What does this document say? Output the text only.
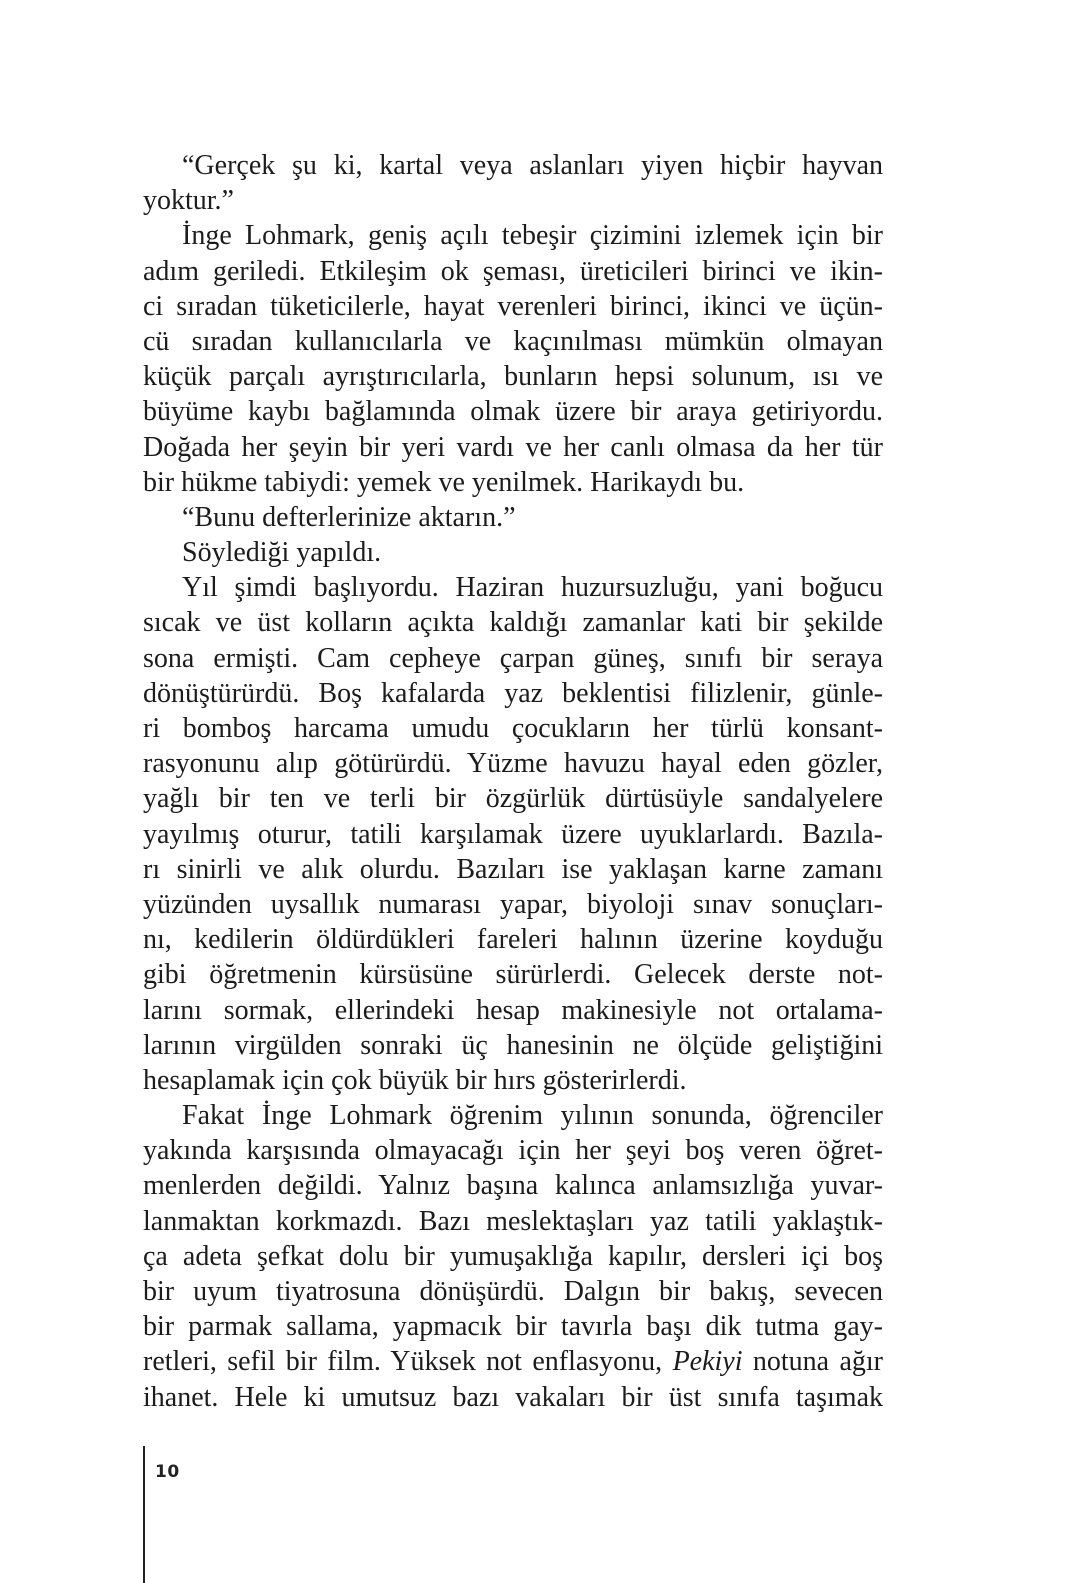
“Gerçek şu ki, kartal veya aslanları yiyen hiçbir hayvan
yoktur.”
İnge Lohmark, geniş açılı tebeşir çizimini izlemek için bir
adım geriledi. Etkileşim ok şeması, üreticileri birinci ve ikin-
ci sıradan tüketicilerle, hayat verenleri birinci, ikinci ve üçün-
cü sıradan kullanıcılarla ve kaçınılması mümkün olmayan
küçük parçalı ayrıştırıcılarla, bunların hepsi solunum, ısı ve
büyüme kaybı bağlamında olmak üzere bir araya getiriyordu.
Doğada her şeyin bir yeri vardı ve her canlı olmasa da her tür
bir hükme tabiydi: yemek ve yenilmek. Harikaydı bu.
“Bunu defterlerinize aktarın.”
Söylediği yapıldı.
Yıl şimdi başlıyordu. Haziran huzursuzluğu, yani boğucu
sıcak ve üst kolların açıkta kaldığı zamanlar kati bir şekilde
sona ermişti. Cam cepheye çarpan güneş, sınıfı bir seraya
dönüştürürdü. Boş kafalarda yaz beklentisi filizlenir, günle-
ri bomboş harcama umudu çocukların her türlü konsant-
rasyonunu alıp götürürdü. Yüzme havuzu hayal eden gözler,
yağlı bir ten ve terli bir özgürlük dürtüsüyle sandalyelere
yayılmış oturur, tatili karşılamak üzere uyuklarlardı. Bazıla-
rı sinirli ve alık olurdu. Bazıları ise yaklaşan karne zamanı
yüzünden uysallık numarası yapar, biyoloji sınav sonuçları-
nı, kedilerin öldürdükleri fareleri halının üzerine koyduğu
gibi öğretmenin kürsüsüne sürürlerdi. Gelecek derste not-
larını sormak, ellerindeki hesap makinesiyle not ortalama-
larının virgülden sonraki üç hanesinin ne ölçüde geliştiğini
hesaplamak için çok büyük bir hırs gösterirlerdi.
Fakat İnge Lohmark öğrenim yılının sonunda, öğrenciler
yakında karşısında olmayacağı için her şeyi boş veren öğret-
menlerden değildi. Yalnız başına kalınca anlamsızlığa yuvar-
lanmaktan korkmazdı. Bazı meslektaşları yaz tatili yaklaştık-
ça adeta şefkat dolu bir yumuşaklığa kapılır, dersleri içi boş
bir uyum tiyatrosuna dönüşürdü. Dalgın bir bakış, sevecen
bir parmak sallama, yapmacık bir tavırla başı dik tutma gay-
retleri, sefil bir film. Yüksek not enflasyonu, Pekiyi notuna ağır
ihanet. Hele ki umutsuz bazı vakaları bir üst sınıfa taşımak
10
